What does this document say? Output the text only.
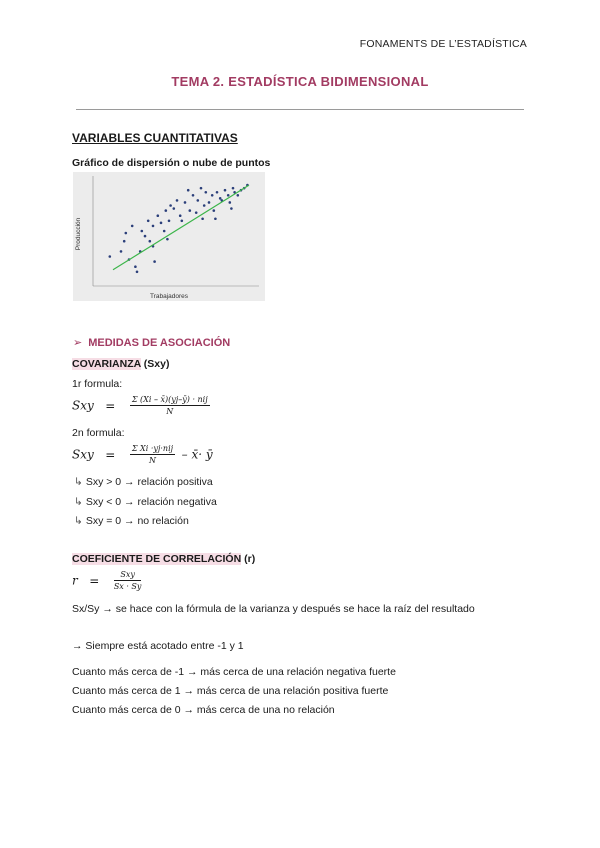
FONAMENTS DE L’ESTADÍSTICA
TEMA 2. ESTADÍSTICA BIDIMENSIONAL
VARIABLES CUANTITATIVAS
Gráfico de dispersión o nube de puntos
Producción
Trabajadores
➢ MEDIDAS DE ASOCIACIÓN
COVARIANZA (Sxy)
1r formula:
Sxy = $\frac{\text{Σ (Xi – x̄)(yj–ȳ) · nij}}{N}$
2n formula:
Sxy = $\frac{\text{Σ Xi ·yj·nij}}{N}$ – x̄· ȳ
↳ Sxy > 0 → relación positiva
↳ Sxy < 0 → relación negativa
↳ Sxy = 0 → no relación
COEFICIENTE DE CORRELACIÓN (r)
$r = \frac{\text{Sxy}}{Sx \cdot Sy}$
Sx/Sy → se hace con la fórmula de la varianza y después se hace la raíz del resultado
→ Siempre está acotado entre -1 y 1
Cuanto más cerca de -1 → más cerca de una relación negativa fuerte
Cuanto más cerca de 1 → más cerca de una relación positiva fuerte
Cuanto más cerca de 0 → más cerca de una no relación
